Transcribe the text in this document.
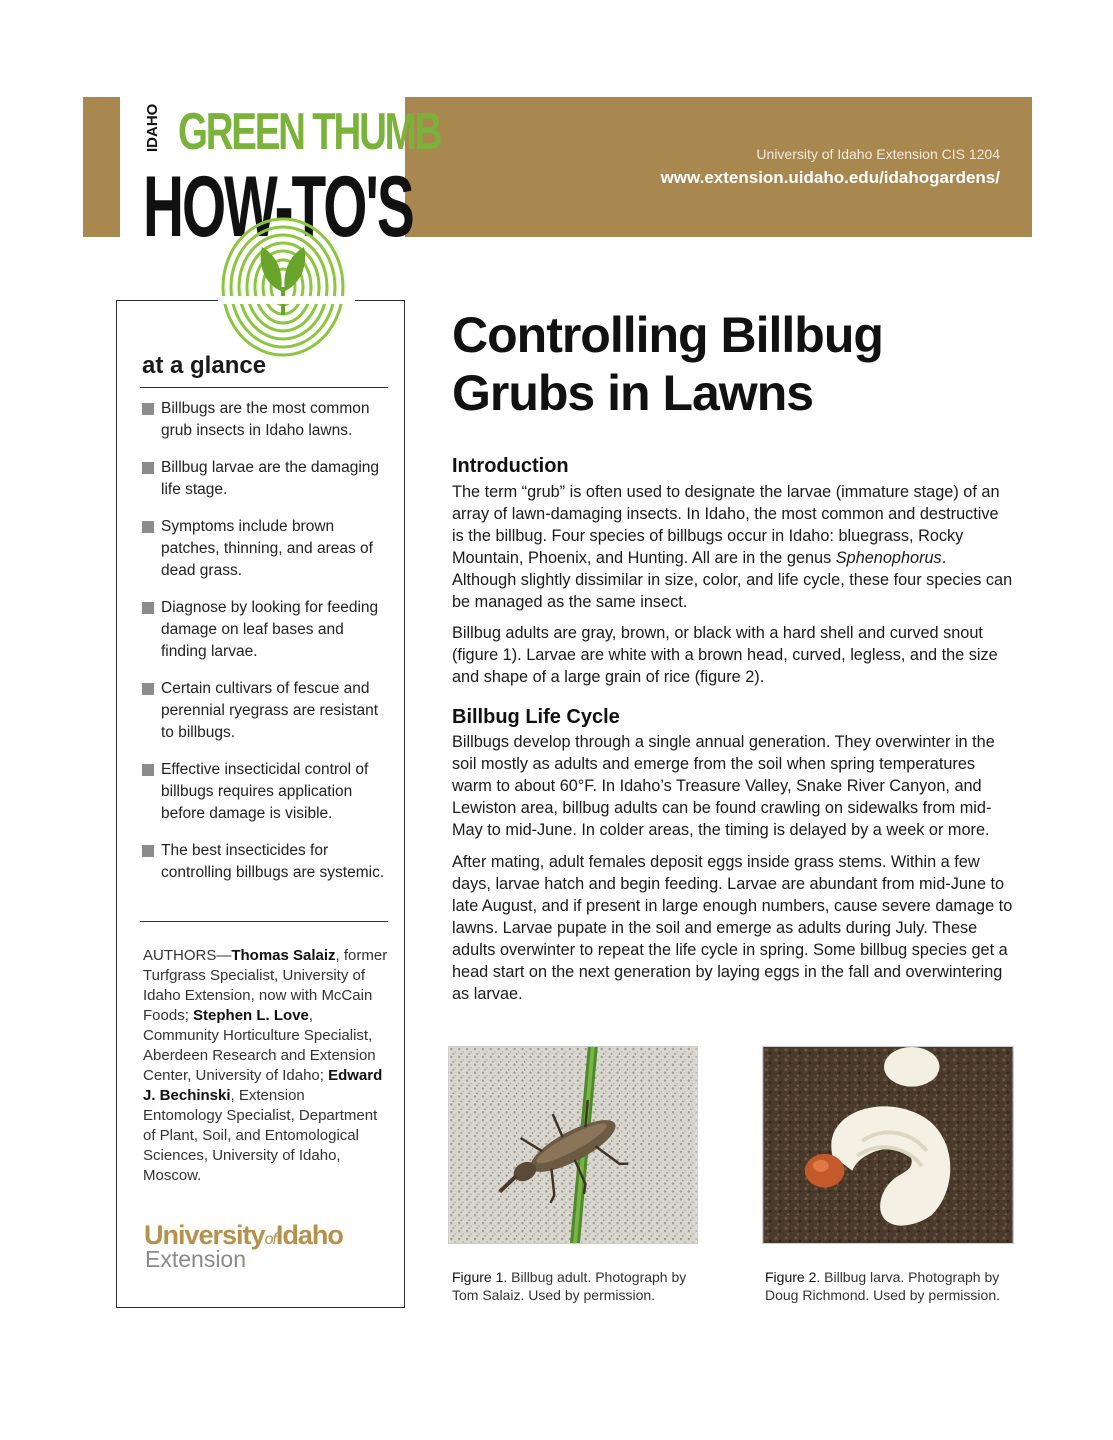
University of Idaho Extension CIS 1204
www.extension.uidaho.edu/idahogardens/
IDAHO GREEN THUMB
HOW-TO'S
at a glance
Billbugs are the most common grub insects in Idaho lawns.
Billbug larvae are the damaging life stage.
Symptoms include brown patches, thinning, and areas of dead grass.
Diagnose by looking for feeding damage on leaf bases and finding larvae.
Certain cultivars of fescue and perennial ryegrass are resistant to billbugs.
Effective insecticidal control of billbugs requires application before damage is visible.
The best insecticides for controlling billbugs are systemic.
AUTHORS—Thomas Salaiz, former Turfgrass Specialist, University of Idaho Extension, now with McCain Foods; Stephen L. Love, Community Horticulture Specialist, Aberdeen Research and Extension Center, University of Idaho; Edward J. Bechinski, Extension Entomology Specialist, Department of Plant, Soil, and Entomological Sciences, University of Idaho, Moscow.
UniversityofIdaho
Extension
Controlling Billbug Grubs in Lawns
Introduction
The term “grub” is often used to designate the larvae (immature stage) of an array of lawn-damaging insects. In Idaho, the most common and destructive is the billbug. Four species of billbugs occur in Idaho: bluegrass, Rocky Mountain, Phoenix, and Hunting. All are in the genus Sphenophorus. Although slightly dissimilar in size, color, and life cycle, these four species can be managed as the same insect.
Billbug adults are gray, brown, or black with a hard shell and curved snout (figure 1). Larvae are white with a brown head, curved, legless, and the size and shape of a large grain of rice (figure 2).
Billbug Life Cycle
Billbugs develop through a single annual generation. They overwinter in the soil mostly as adults and emerge from the soil when spring temperatures warm to about 60°F. In Idaho’s Treasure Valley, Snake River Canyon, and Lewiston area, billbug adults can be found crawling on sidewalks from mid-May to mid-June. In colder areas, the timing is delayed by a week or more.
After mating, adult females deposit eggs inside grass stems. Within a few days, larvae hatch and begin feeding. Larvae are abundant from mid-June to late August, and if present in large enough numbers, cause severe damage to lawns. Larvae pupate in the soil and emerge as adults during July. These adults overwinter to repeat the life cycle in spring. Some billbug species get a head start on the next generation by laying eggs in the fall and overwintering as larvae.
Figure 1. Billbug adult. Photograph by Tom Salaiz. Used by permission.
Figure 2. Billbug larva. Photograph by Doug Richmond. Used by permission.
